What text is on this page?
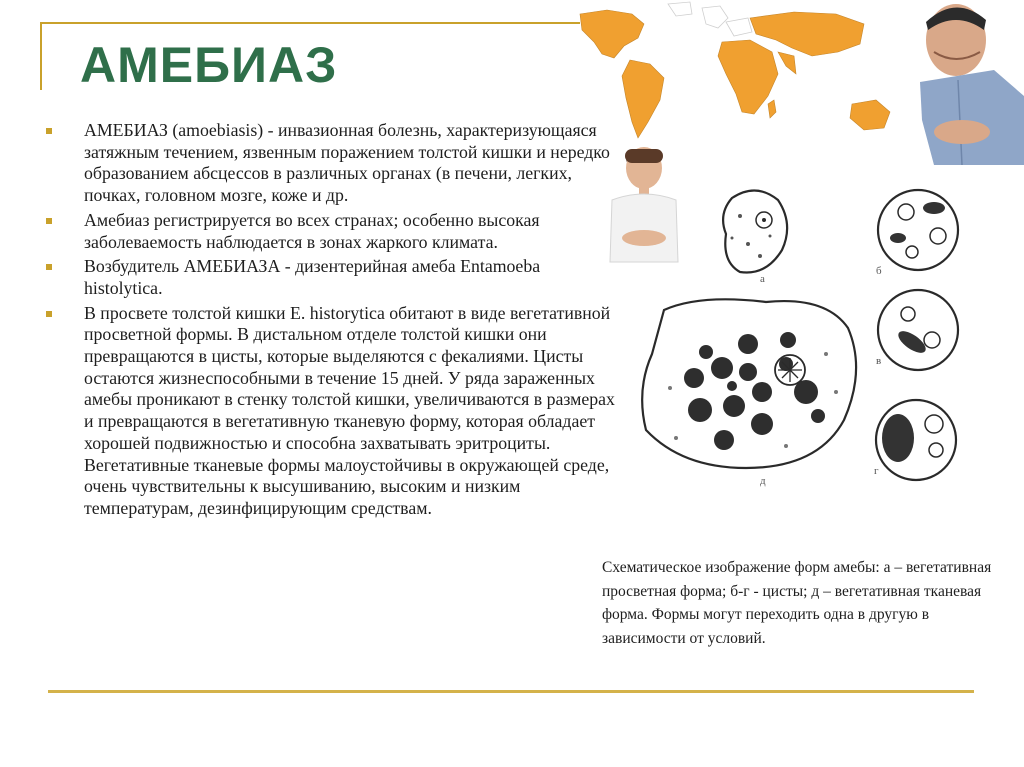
АМЕБИАЗ
АМЕБИАЗ (amoebiasis) - инвазионная болезнь, характеризующаяся затяжным течением, язвенным поражением толстой кишки и нередко образованием абсцессов в различных органах (в печени, легких, почках, головном мозге, коже и др.
Амебиаз регистрируется во всех странах; особенно высокая заболеваемость наблюдается в зонах жаркого климата.
Возбудитель АМЕБИАЗА - дизентерийная амеба Entamoeba histolytica.
В просвете толстой кишки E. historytica обитают в виде вегетативной просветной формы. В дистальном отделе толстой кишки они превращаются в цисты, которые выделяются с фекалиями. Цисты остаются жизнеспособными в течение 15 дней. У ряда зараженных амебы проникают в стенку толстой кишки, увеличиваются в размерах и превращаются в вегетативную тканевую форму, которая обладает хорошей подвижностью и способна захватывать эритроциты. Вегетативные тканевые формы малоустойчивы в окружающей среде, очень чувствительны к высушиванию, высоким и низким температурам, дезинфицирующим средствам.
а
б
в
г
д

Схематическое изображение форм амебы: а – вегетативная просветная форма; б-г - цисты; д – вегетативная тканевая форма. Формы могут переходить одна в другую в зависимости от условий.
